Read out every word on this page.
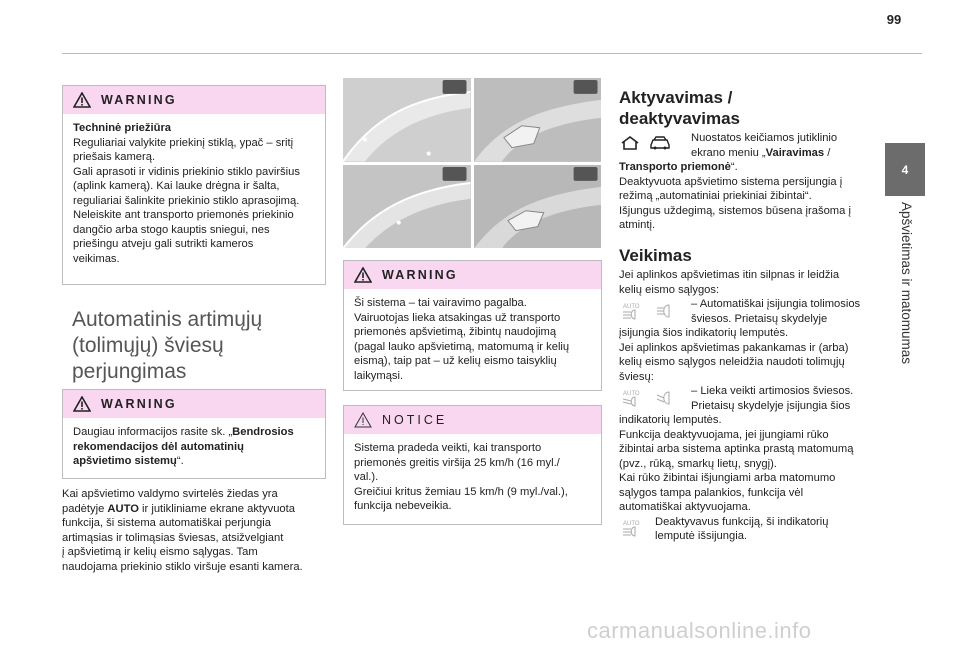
99
4
Apšvietimas ir matomumas
WARNING

Techninė priežiūra

Reguliariai valykite priekinį stiklą, ypač – sritį

priešais kamerą.

Gali aprasoti ir vidinis priekinio stiklo paviršius

(aplink kamerą). Kai lauke drėgna ir šalta,

reguliariai šalinkite priekinio stiklo aprasojimą.

Neleiskite ant transporto priemonės priekinio

dangčio arba stogo kauptis sniegui, nes

priešingu atveju gali sutrikti kameros

veikimas.

Automatinis artimųjų
(tolimųjų) šviesų
perjungimas
WARNING

Daugiau informacijos rasite sk. „Bendrosios

rekomendacijos dėl automatinių

apšvietimo sistemų“.

Kai apšvietimo valdymo svirtelės žiedas yra
padėtyje AUTO ir jutikliniame ekrane aktyvuota
funkcija, ši sistema automatiškai perjungia
artimąsias ir tolimąsias šviesas, atsižvelgiant
į apšvietimą ir kelių eismo sąlygas. Tam
naudojama priekinio stiklo viršuje esanti kamera.
WARNING

Ši sistema – tai vairavimo pagalba.

Vairuotojas lieka atsakingas už transporto

priemonės apšvietimą, žibintų naudojimą

(pagal lauko apšvietimą, matomumą ir kelių

eismą), taip pat – už kelių eismo taisyklių

laikymąsi.

NOTICE

Sistema pradeda veikti, kai transporto

priemonės greitis viršija 25 km/h (16 myl./

val.).

Greičiui kritus žemiau 15 km/h (9 myl./val.),

funkcija nebeveikia.

Aktyvavimas /
deaktyvavimas
Nuostatos keičiamos jutiklinio
ekrano meniu „Vairavimas /
Transporto priemonė“.
Deaktyvuota apšvietimo sistema persijungia į
režimą „automatiniai priekiniai žibintai“.
Išjungus uždegimą, sistemos būsena įrašoma į
atmintį.
Veikimas
Jei aplinkos apšvietimas itin silpnas ir leidžia
kelių eismo sąlygos:
AUTO	– Automatiškai įsijungia tolimosios
šviesos. Prietaisų skydelyje
įsijungia šios indikatorių lemputės.
Jei aplinkos apšvietimas pakankamas ir (arba)
kelių eismo sąlygos neleidžia naudoti tolimųjų
šviesų:
AUTO	– Lieka veikti artimosios šviesos.
Prietaisų skydelyje įsijungia šios
indikatorių lemputės.
Funkcija deaktyvuojama, jei įjungiami rūko
žibintai arba sistema aptinka prastą matomumą
(pvz., rūką, smarkų lietų, snygį).
Kai rūko žibintai išjungiami arba matomumo
sąlygos tampa palankios, funkcija vėl
automatiškai aktyvuojama.
AUTO Deaktyvavus funkciją, ši indikatorių
lemputė išsijungia.
carmanualsonline.info
